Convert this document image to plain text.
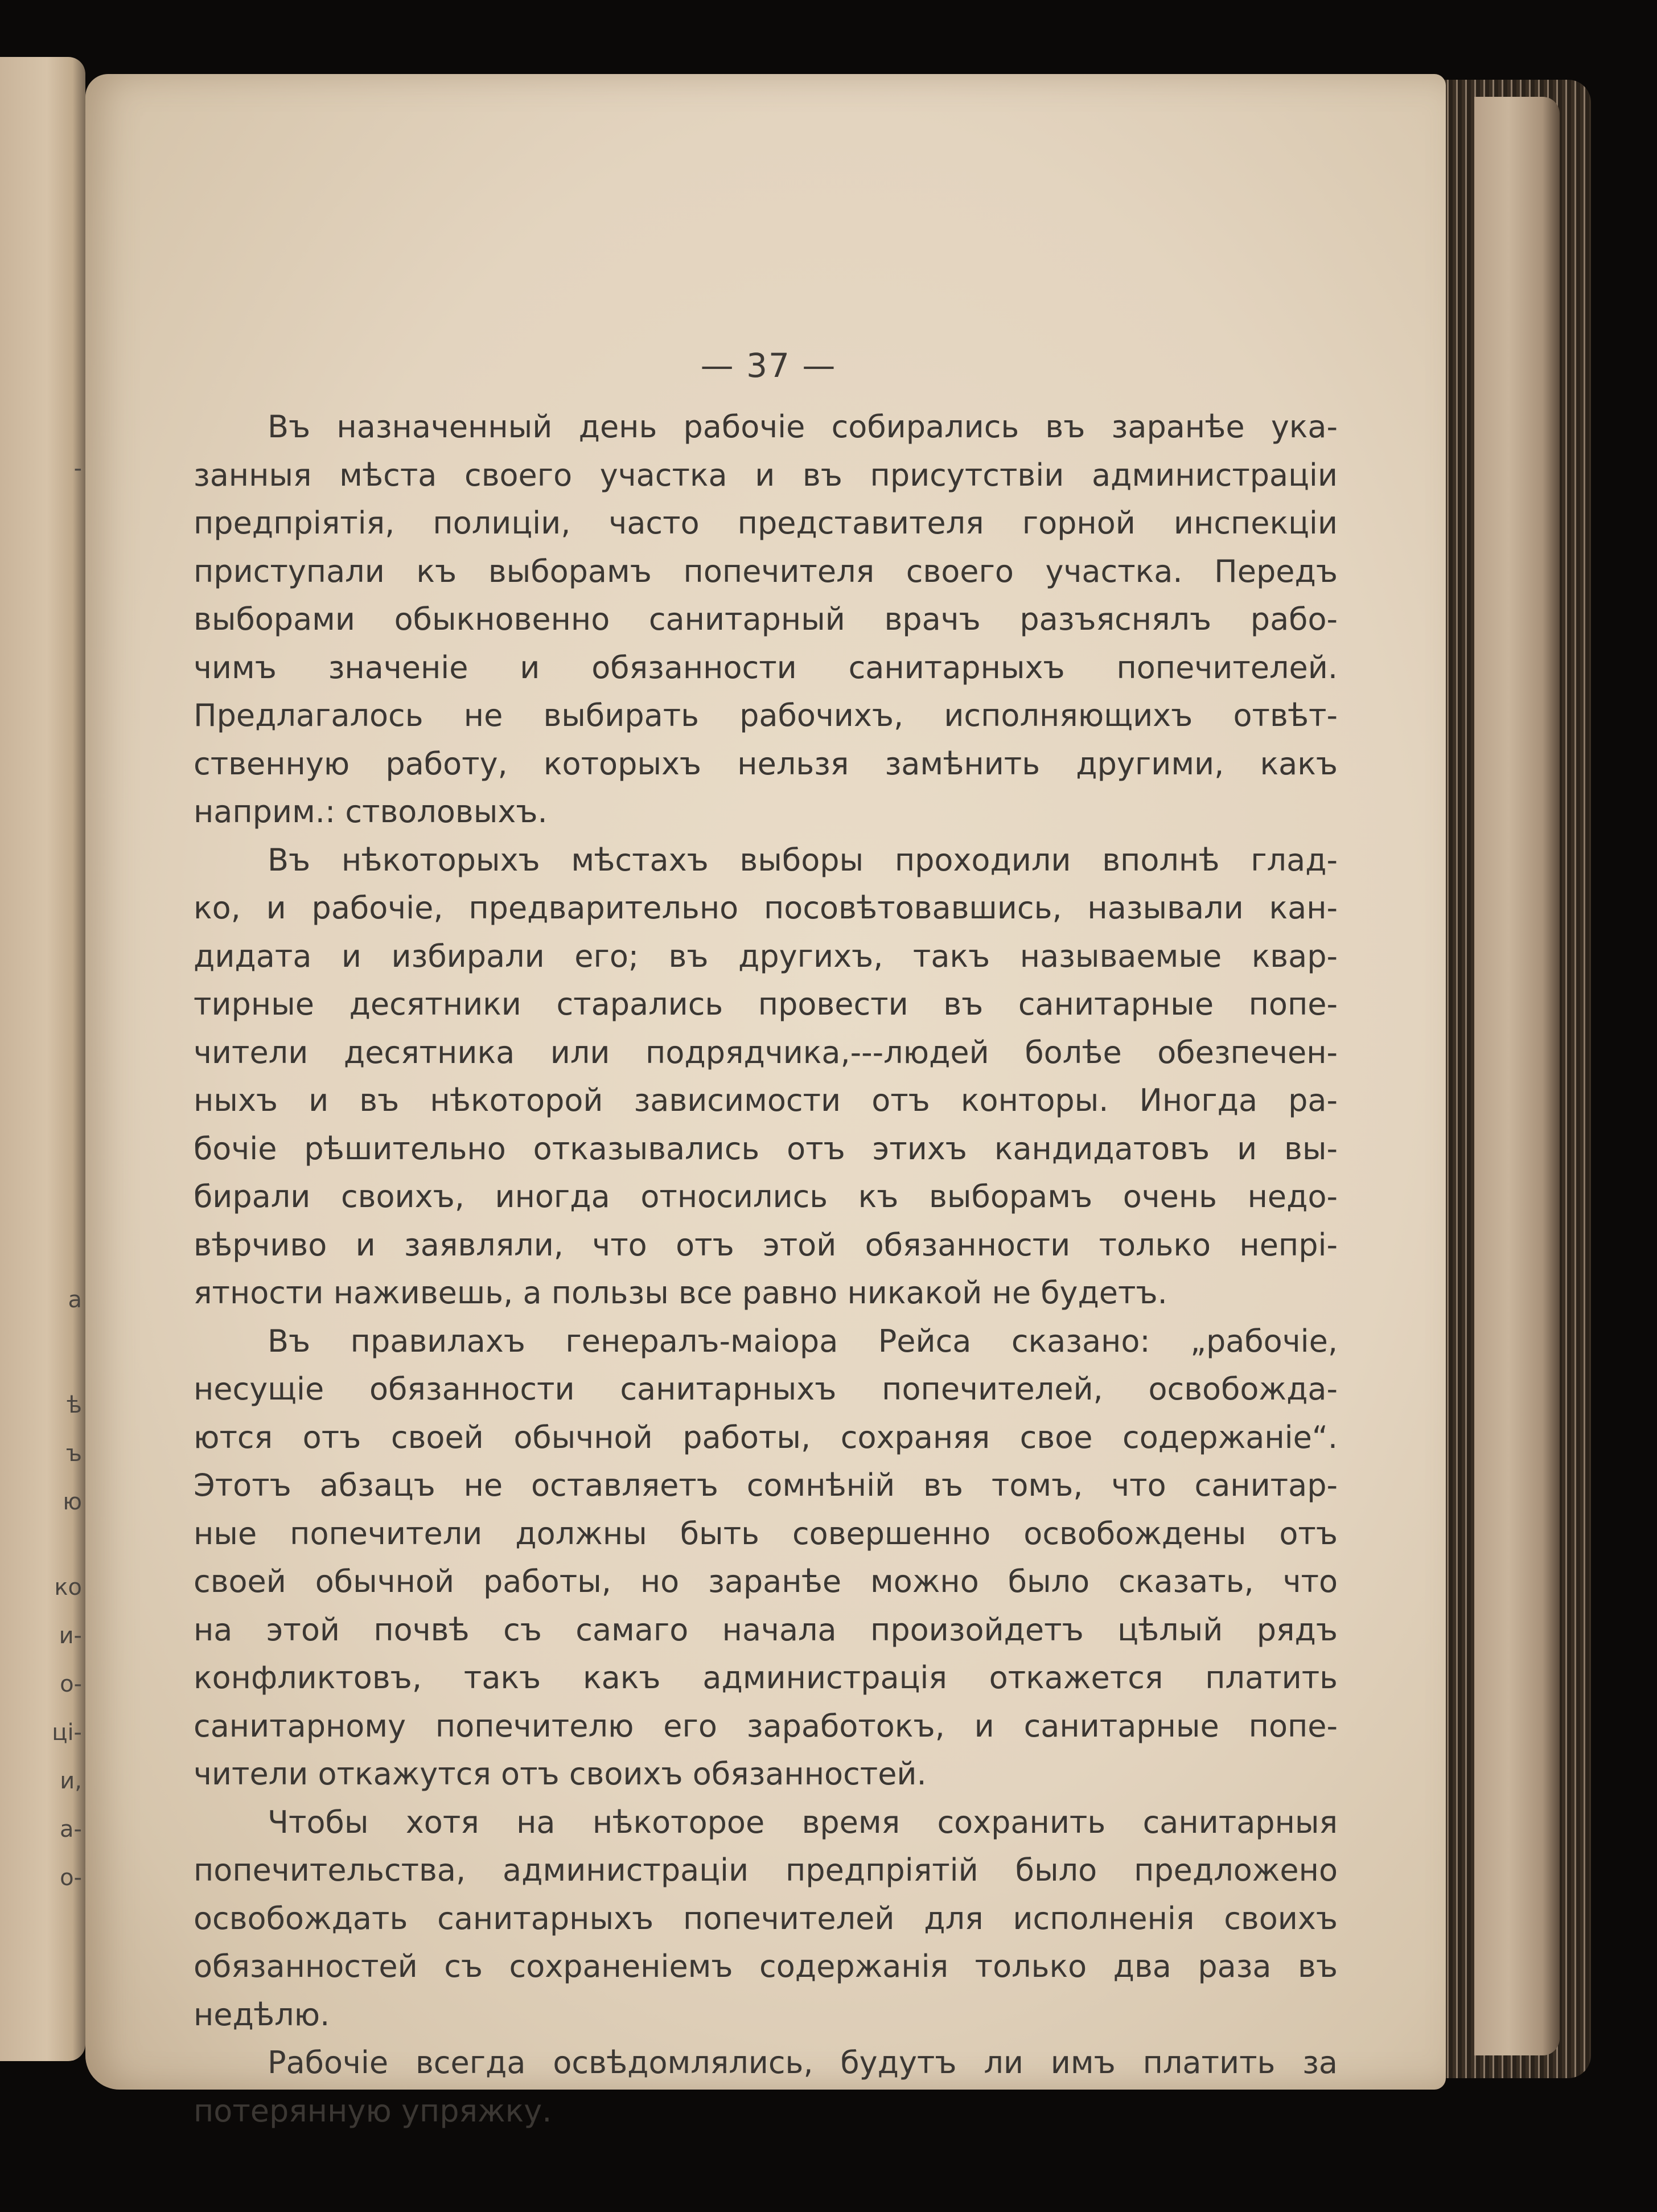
-
а
ѣ
ъ
ю
ко
и-
о-
ці-
и,
а-
о-
— 37 —

Въ назначенный день рабочіе собирались въ заранѣе ука-
занныя мѣста своего участка и въ присутствіи администраціи
предпріятія, полиціи, часто представителя горной инспекціи
приступали къ выборамъ попечителя своего участка. Передъ
выборами обыкновенно санитарный врачъ разъяснялъ рабо-
чимъ значеніе и обязанности санитарныхъ попечителей.
Предлагалось не выбирать рабочихъ, исполняющихъ отвѣт-
ственную работу, которыхъ нельзя замѣнить другими, какъ
наприм.: стволовыхъ.

Въ нѣкоторыхъ мѣстахъ выборы проходили вполнѣ глад-
ко, и рабочіе, предварительно посовѣтовавшись, называли кан-
дидата и избирали его; въ другихъ, такъ называемые квар-
тирные десятники старались провести въ санитарные попе-
чители десятника или подрядчика,---людей болѣе обезпечен-
ныхъ и въ нѣкоторой зависимости отъ конторы. Иногда ра-
бочіе рѣшительно отказывались отъ этихъ кандидатовъ и вы-
бирали своихъ, иногда относились къ выборамъ очень недо-
вѣрчиво и заявляли, что отъ этой обязанности только непрі-
ятности наживешь, а пользы все равно никакой не будетъ.

Въ правилахъ генералъ-маіора Рейса сказано: „рабочіе,
несущіе обязанности санитарныхъ попечителей, освобожда-
ются отъ своей обычной работы, сохраняя свое содержаніе“.
Этотъ абзацъ не оставляетъ сомнѣній въ томъ, что санитар-
ные попечители должны быть совершенно освобождены отъ
своей обычной работы, но заранѣе можно было сказать, что
на этой почвѣ съ самаго начала произойдетъ цѣлый рядъ
конфликтовъ, такъ какъ администрація откажется платить
санитарному попечителю его заработокъ, и санитарные попе-
чители откажутся отъ своихъ обязанностей.

Чтобы хотя на нѣкоторое время сохранить санитарныя
попечительства, администраціи предпріятій было предложено
освобождать санитарныхъ попечителей для исполненія своихъ
обязанностей съ сохраненіемъ содержанія только два раза въ
недѣлю.

Рабочіе всегда освѣдомлялись, будутъ ли имъ платить за
потерянную упряжку.
